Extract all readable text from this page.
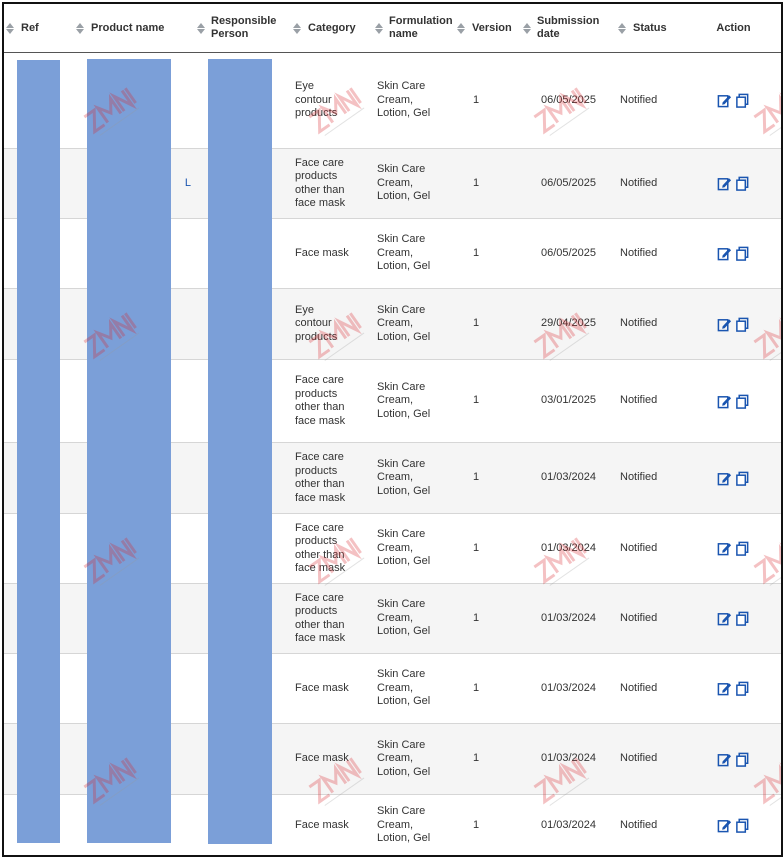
Ref	Product name	Responsible Person	Category	Formulation name	Version	Submission date	Status	Action

			Eye contour products	Skin Care Cream, Lotion, Gel	1	06/05/2025	Notified	

	L		Face care products other than face mask	Skin Care Cream, Lotion, Gel	1	06/05/2025	Notified	

			Face mask	Skin Care Cream, Lotion, Gel	1	06/05/2025	Notified	

			Eye contour products	Skin Care Cream, Lotion, Gel	1	29/04/2025	Notified	

			Face care products other than face mask	Skin Care Cream, Lotion, Gel	1	03/01/2025	Notified	

			Face care products other than face mask	Skin Care Cream, Lotion, Gel	1	01/03/2024	Notified	

			Face care products other than face mask	Skin Care Cream, Lotion, Gel	1	01/03/2024	Notified	

			Face care products other than face mask	Skin Care Cream, Lotion, Gel	1	01/03/2024	Notified	

			Face mask	Skin Care Cream, Lotion, Gel	1	01/03/2024	Notified	

			Face mask	Skin Care Cream, Lotion, Gel	1	01/03/2024	Notified	

			Face mask	Skin Care Cream, Lotion, Gel	1	01/03/2024	Notified	
